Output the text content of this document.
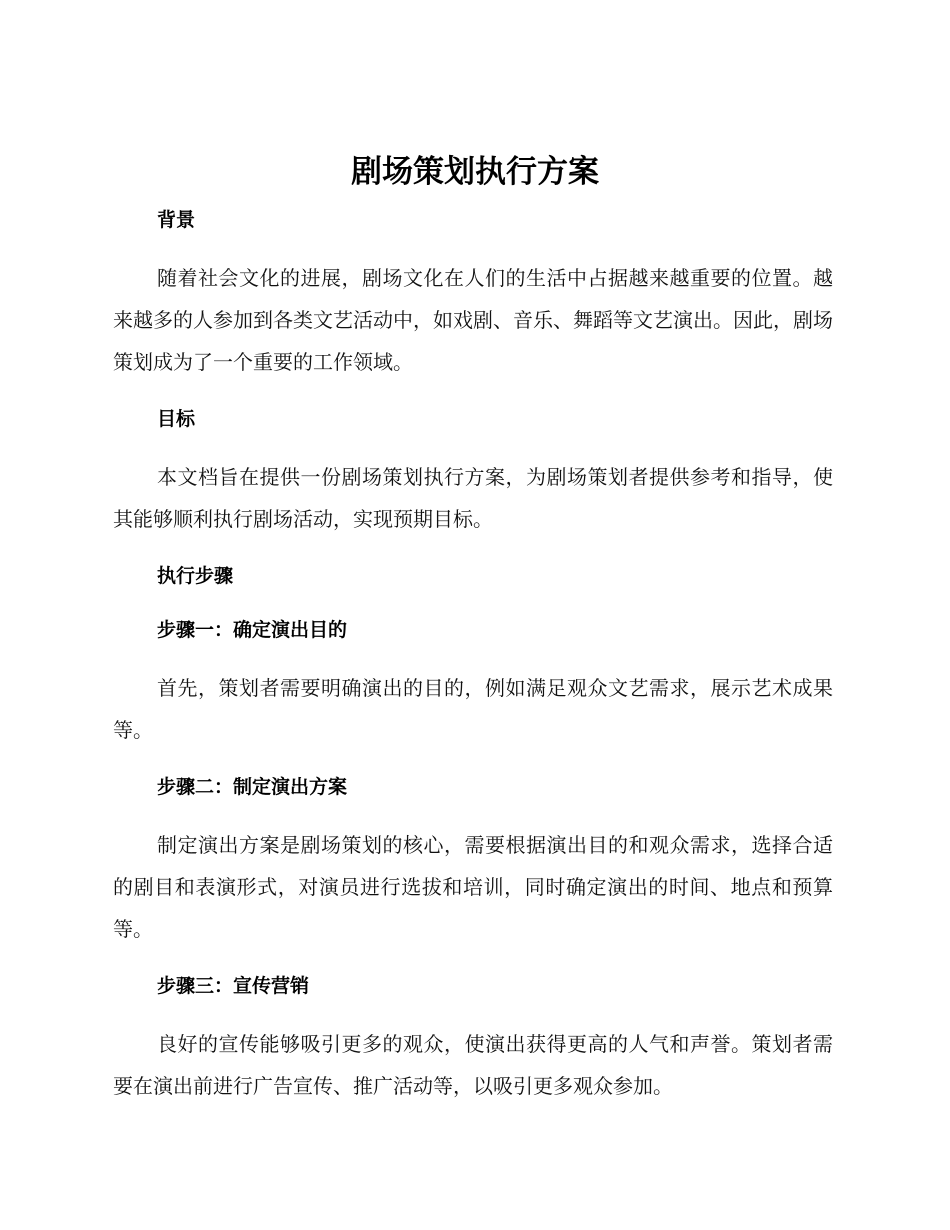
剧场策划执行方案

背景

随着社会文化的进展，剧场文化在人们的生活中占据越来越重要的位置。越来越多的人参加到各类文艺活动中，如戏剧、音乐、舞蹈等文艺演出。因此，剧场策划成为了一个重要的工作领域。

目标

本文档旨在提供一份剧场策划执行方案，为剧场策划者提供参考和指导，使其能够顺利执行剧场活动，实现预期目标。

执行步骤

步骤一：确定演出目的

首先，策划者需要明确演出的目的，例如满足观众文艺需求，展示艺术成果等。

步骤二：制定演出方案

制定演出方案是剧场策划的核心，需要根据演出目的和观众需求，选择合适的剧目和表演形式，对演员进行选拔和培训，同时确定演出的时间、地点和预算等。

步骤三：宣传营销

良好的宣传能够吸引更多的观众，使演出获得更高的人气和声誉。策划者需要在演出前进行广告宣传、推广活动等，以吸引更多观众参加。
